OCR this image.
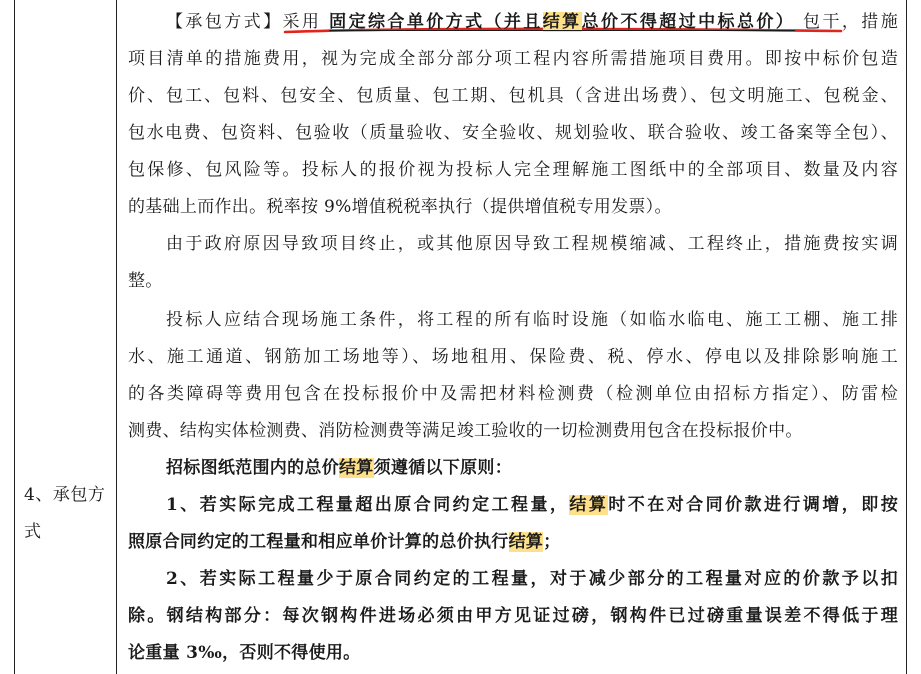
4、承包方
式
【承包方式】采用 固定综合单价方式（并且结算总价不得超过中标总价） 包干，措施
项目清单的措施费用，视为完成全部分部分项工程内容所需措施项目费用。即按中标价包造
价、包工、包料、包安全、包质量、包工期、包机具（含进出场费）、包文明施工、包税金、
包水电费、包资料、包验收（质量验收、安全验收、规划验收、联合验收、竣工备案等全包）、
包保修、包风险等。投标人的报价视为投标人完全理解施工图纸中的全部项目、数量及内容
的基础上而作出。税率按 9%增值税税率执行（提供增值税专用发票）。
由于政府原因导致项目终止，或其他原因导致工程规模缩减、工程终止，措施费按实调
整。
投标人应结合现场施工条件，将工程的所有临时设施（如临水临电、施工工棚、施工排
水、施工通道、钢筋加工场地等）、场地租用、保险费、税、停水、停电以及排除影响施工
的各类障碍等费用包含在投标报价中及需把材料检测费（检测单位由招标方指定）、防雷检
测费、结构实体检测费、消防检测费等满足竣工验收的一切检测费用包含在投标报价中。
招标图纸范围内的总价结算须遵循以下原则：
1、若实际完成工程量超出原合同约定工程量，结算时不在对合同价款进行调增，即按
照原合同约定的工程量和相应单价计算的总价执行结算；
2、若实际工程量少于原合同约定的工程量，对于减少部分的工程量对应的价款予以扣
除。钢结构部分：每次钢构件进场必须由甲方见证过磅，钢构件已过磅重量误差不得低于理
论重量 3‰，否则不得使用。
